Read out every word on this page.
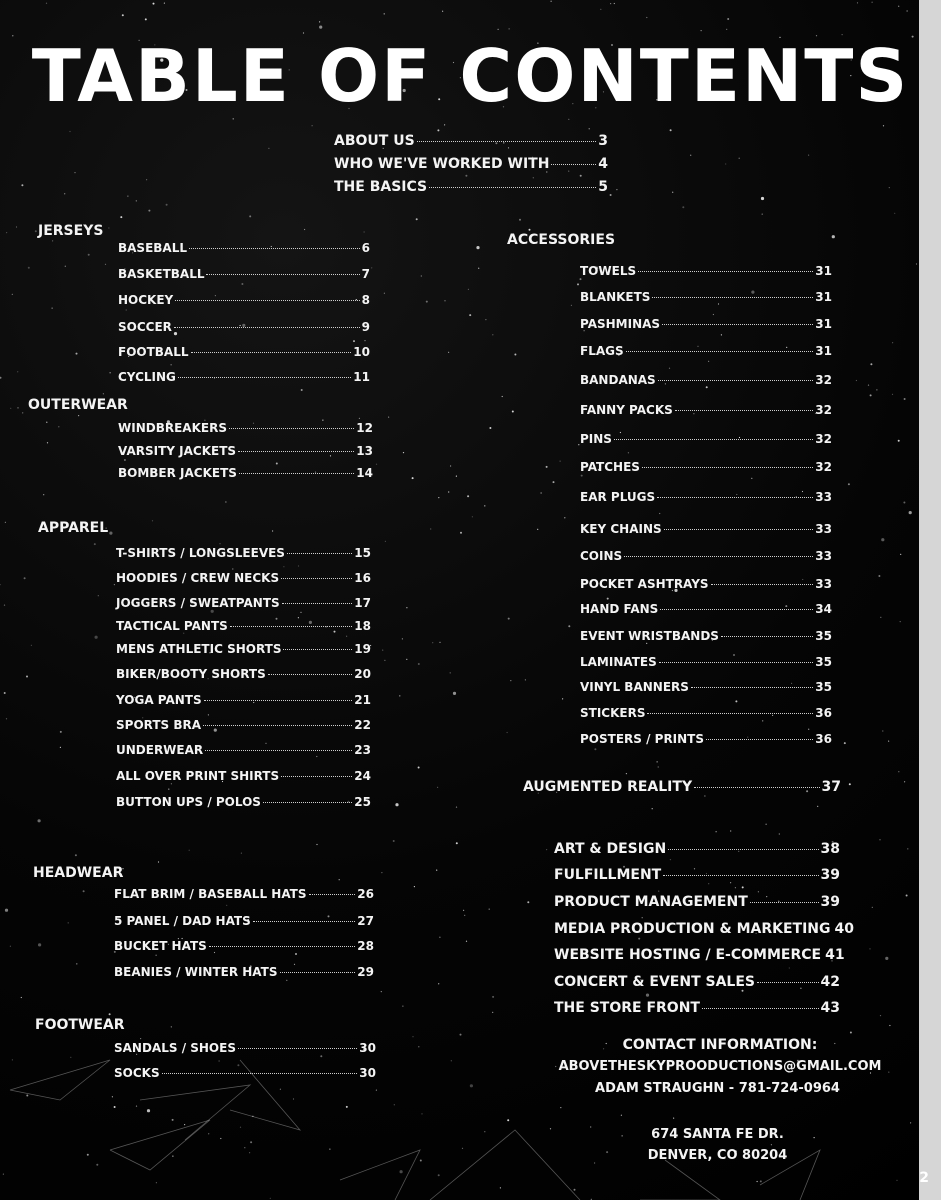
TABLE OF CONTENTS
ABOUT US	3
WHO WE'VE WORKED WITH	4
THE BASICS	5
JERSEYS
BASEBALL	6
BASKETBALL	7
HOCKEY	8
SOCCER	9
FOOTBALL	10
CYCLING	11
OUTERWEAR
WINDBREAKERS	12
VARSITY JACKETS	13
BOMBER JACKETS	14
APPAREL
T-SHIRTS / LONGSLEEVES	15
HOODIES / CREW NECKS	16
JOGGERS / SWEATPANTS	17
TACTICAL PANTS	18
MENS ATHLETIC SHORTS	19
BIKER/BOOTY SHORTS	20
YOGA PANTS	21
SPORTS BRA	22
UNDERWEAR	23
ALL OVER PRINT SHIRTS	24
BUTTON UPS / POLOS	25
HEADWEAR
FLAT BRIM / BASEBALL HATS	26
5 PANEL / DAD HATS	27
BUCKET HATS	28
BEANIES / WINTER HATS	29
FOOTWEAR
SANDALS / SHOES	30
SOCKS	30
ACCESSORIES
TOWELS	31
BLANKETS	31
PASHMINAS	31
FLAGS	31
BANDANAS	32
FANNY PACKS	32
PINS	32
PATCHES	32
EAR PLUGS	33
KEY CHAINS	33
COINS	33
POCKET ASHTRAYS	33
HAND FANS	34
EVENT WRISTBANDS	35
LAMINATES	35
VINYL BANNERS	35
STICKERS	36
POSTERS / PRINTS	36
AUGMENTED REALITY	37
ART & DESIGN	38
FULFILLMENT	39
PRODUCT MANAGEMENT	39
MEDIA PRODUCTION & MARKETING 40
WEBSITE HOSTING / E-COMMERCE 41
CONCERT & EVENT SALES	42
THE STORE FRONT	43
CONTACT INFORMATION:
ABOVETHESKYPROODUCTIONS@GMAIL.COM
ADAM STRAUGHN - 781-724-0964
674 SANTA FE DR.
DENVER, CO 80204
2
